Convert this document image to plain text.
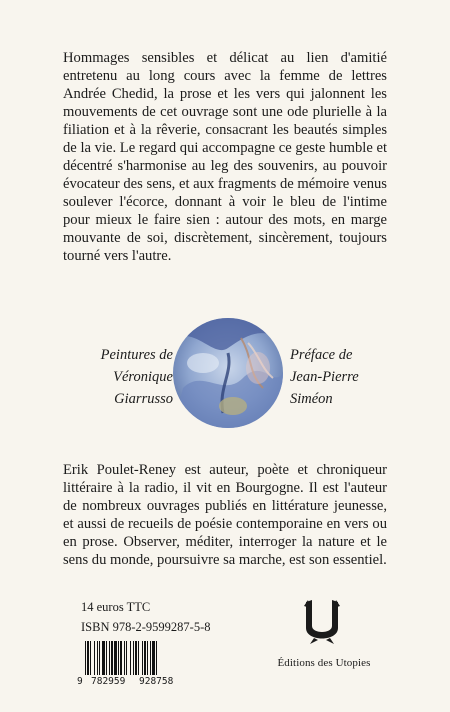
Hommages sensibles et délicat au lien d'amitié entretenu au long cours avec la femme de lettres Andrée Chedid, la prose et les vers qui jalonnent les mouvements de cet ouvrage sont une ode plurielle à la filiation et à la rêverie, consacrant les beautés simples de la vie. Le regard qui accompagne ce geste humble et décentré s'harmonise au leg des souvenirs, au pouvoir évocateur des sens, et aux fragments de mémoire venus soulever l'écorce, donnant à voir le bleu de l'intime pour mieux le faire sien : autour des mots, en marge mouvante de soi, discrètement, sincèrement, toujours tourné vers l'autre.

Peintures de
Véronique
Giarrusso
Préface de
Jean-Pierre
Siméon

Erik Poulet-Reney est auteur, poète et chroniqueur littéraire à la radio, il vit en Bourgogne. Il est l'auteur de nombreux ouvrages publiés en littérature jeunesse, et aussi de recueils de poésie contemporaine en vers ou en prose. Observer, méditer, interroger la nature et le sens du monde, poursuivre sa marche, est son essentiel.

14 euros TTC
ISBN 978-2-9599287-5-8
9 782959 928758
Éditions des Utopies
